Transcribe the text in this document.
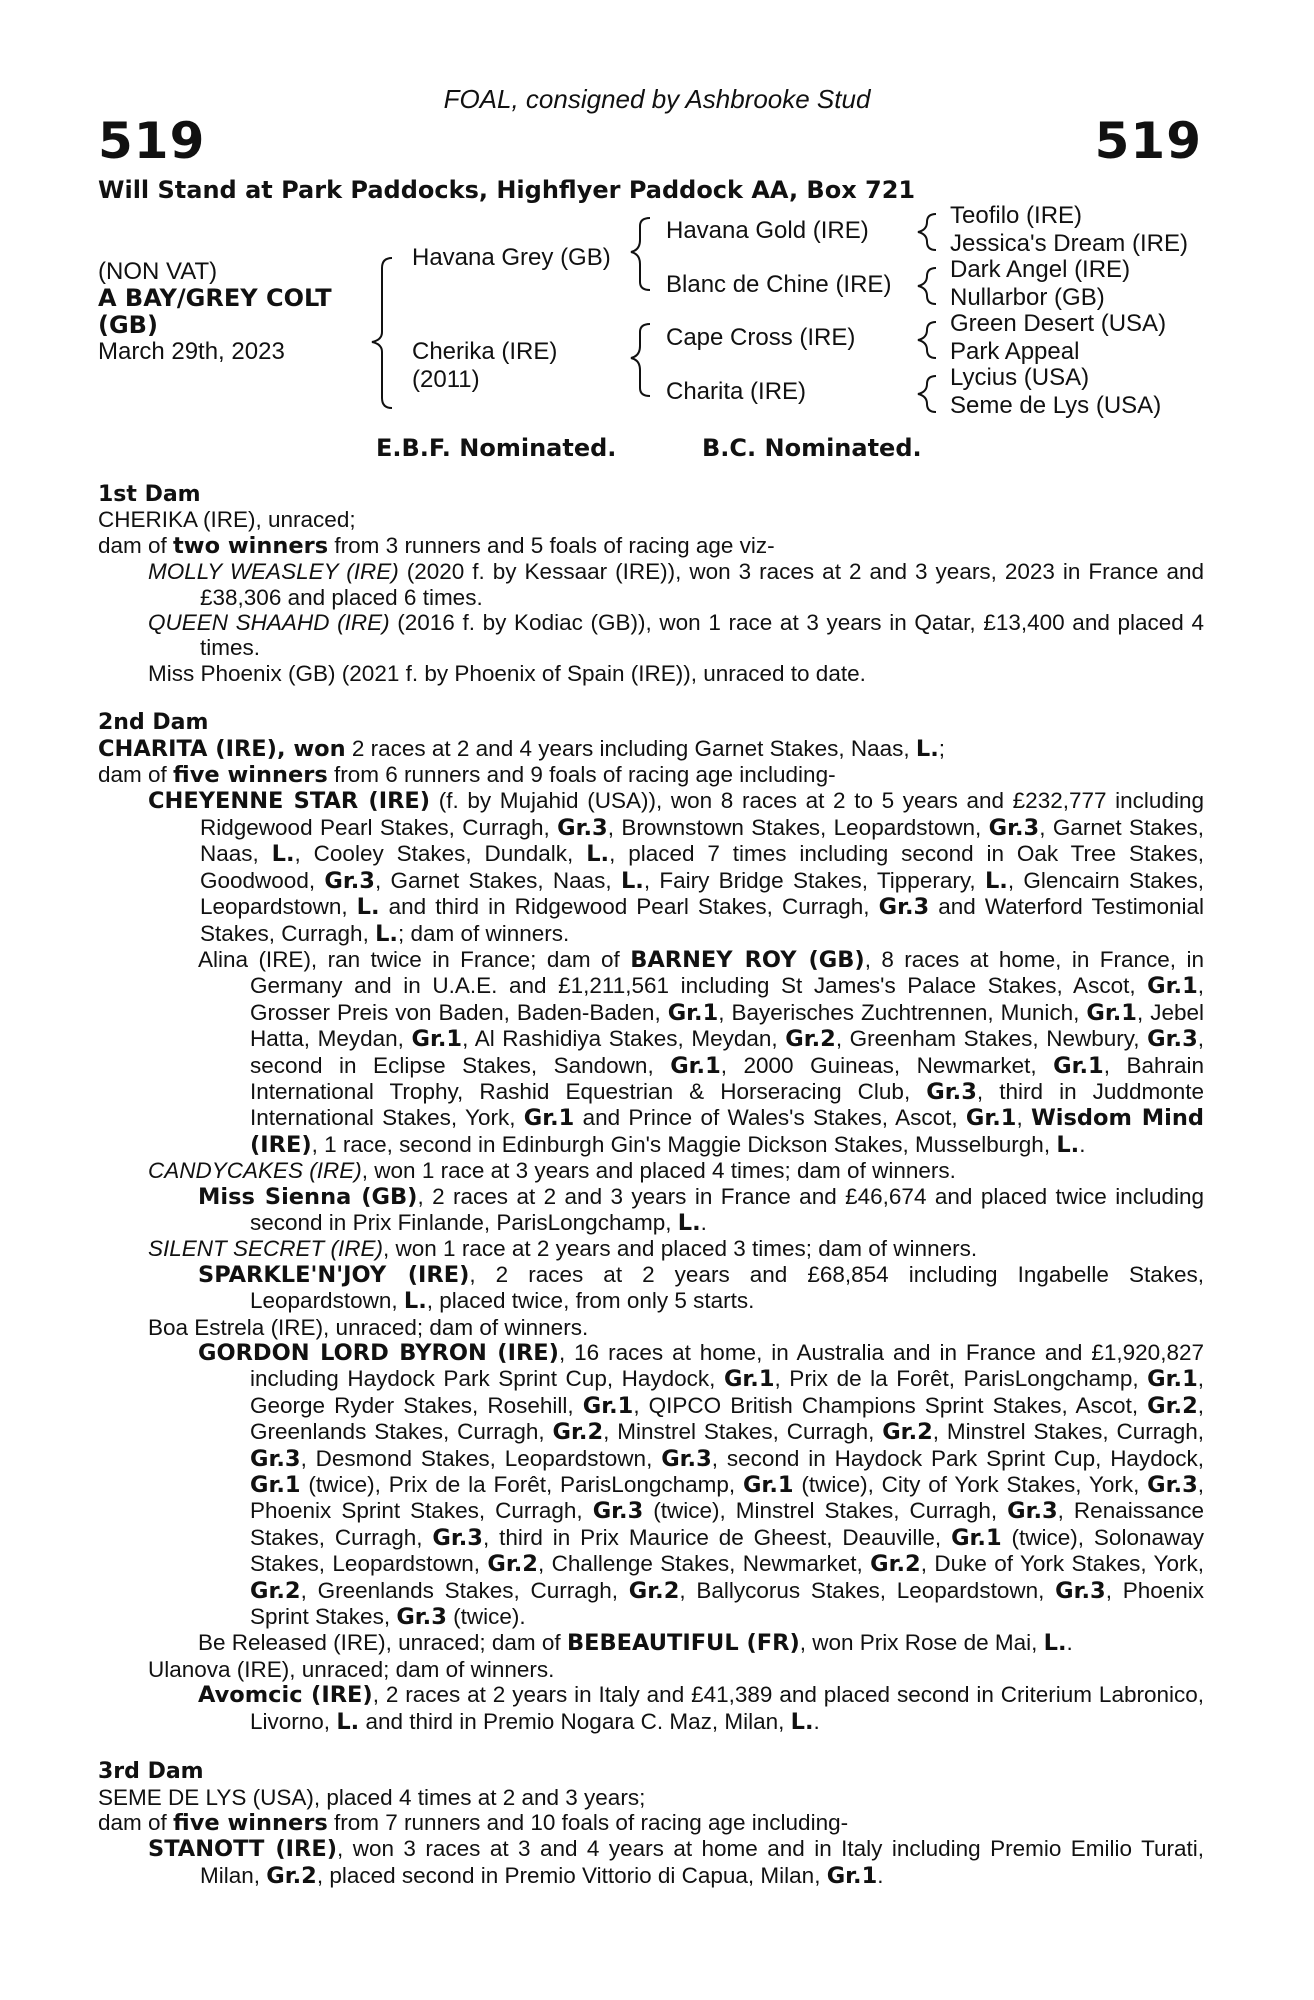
FOAL, consigned by Ashbrooke Stud
519	519
Will Stand at Park Paddocks, Highflyer Paddock AA, Box 721
(NON VAT)
A BAY/GREY COLT
(GB)
March 29th, 2023
Havana Grey (GB)
Cherika (IRE)
(2011)
Havana Gold (IRE)
Blanc de Chine (IRE)
Cape Cross (IRE)
Charita (IRE)
Teofilo (IRE)
Jessica's Dream (IRE)
Dark Angel (IRE)
Nullarbor (GB)
Green Desert (USA)
Park Appeal
Lycius (USA)
Seme de Lys (USA)
E.B.F. Nominated.	B.C. Nominated.

1st Dam

CHERIKA (IRE), unraced;

dam of two winners from 3 runners and 5 foals of racing age viz-

MOLLY WEASLEY (IRE) (2020 f. by Kessaar (IRE)), won 3 races at 2 and 3 years, 2023 in France and £38,306 and placed 6 times.

QUEEN SHAAHD (IRE) (2016 f. by Kodiac (GB)), won 1 race at 3 years in Qatar, £13,400 and placed 4 times.

Miss Phoenix (GB) (2021 f. by Phoenix of Spain (IRE)), unraced to date.

2nd Dam

CHARITA (IRE), won 2 races at 2 and 4 years including Garnet Stakes, Naas, L.;

dam of five winners from 6 runners and 9 foals of racing age including-

CHEYENNE STAR (IRE) (f. by Mujahid (USA)), won 8 races at 2 to 5 years and £232,777 including Ridgewood Pearl Stakes, Curragh, Gr.3, Brownstown Stakes, Leopardstown, Gr.3, Garnet Stakes, Naas, L., Cooley Stakes, Dundalk, L., placed 7 times including second in Oak Tree Stakes, Goodwood, Gr.3, Garnet Stakes, Naas, L., Fairy Bridge Stakes, Tipperary, L., Glencairn Stakes, Leopardstown, L. and third in Ridgewood Pearl Stakes, Curragh, Gr.3 and Waterford Testimonial Stakes, Curragh, L.; dam of winners.

Alina (IRE), ran twice in France; dam of BARNEY ROY (GB), 8 races at home, in France, in Germany and in U.A.E. and £1,211,561 including St James's Palace Stakes, Ascot, Gr.1, Grosser Preis von Baden, Baden-Baden, Gr.1, Bayerisches Zuchtrennen, Munich, Gr.1, Jebel Hatta, Meydan, Gr.1, Al Rashidiya Stakes, Meydan, Gr.2, Greenham Stakes, Newbury, Gr.3, second in Eclipse Stakes, Sandown, Gr.1, 2000 Guineas, Newmarket, Gr.1, Bahrain International Trophy, Rashid Equestrian & Horseracing Club, Gr.3, third in Juddmonte International Stakes, York, Gr.1 and Prince of Wales's Stakes, Ascot, Gr.1, Wisdom Mind (IRE), 1 race, second in Edinburgh Gin's Maggie Dickson Stakes, Musselburgh, L..

CANDYCAKES (IRE), won 1 race at 3 years and placed 4 times; dam of winners.

Miss Sienna (GB), 2 races at 2 and 3 years in France and £46,674 and placed twice including second in Prix Finlande, ParisLongchamp, L..

SILENT SECRET (IRE), won 1 race at 2 years and placed 3 times; dam of winners.

SPARKLE'N'JOY (IRE), 2 races at 2 years and £68,854 including Ingabelle Stakes, Leopardstown, L., placed twice, from only 5 starts.

Boa Estrela (IRE), unraced; dam of winners.

GORDON LORD BYRON (IRE), 16 races at home, in Australia and in France and £1,920,827 including Haydock Park Sprint Cup, Haydock, Gr.1, Prix de la Forêt, ParisLongchamp, Gr.1, George Ryder Stakes, Rosehill, Gr.1, QIPCO British Champions Sprint Stakes, Ascot, Gr.2, Greenlands Stakes, Curragh, Gr.2, Minstrel Stakes, Curragh, Gr.2, Minstrel Stakes, Curragh, Gr.3, Desmond Stakes, Leopardstown, Gr.3, second in Haydock Park Sprint Cup, Haydock, Gr.1 (twice), Prix de la Forêt, ParisLongchamp, Gr.1 (twice), City of York Stakes, York, Gr.3, Phoenix Sprint Stakes, Curragh, Gr.3 (twice), Minstrel Stakes, Curragh, Gr.3, Renaissance Stakes, Curragh, Gr.3, third in Prix Maurice de Gheest, Deauville, Gr.1 (twice), Solonaway Stakes, Leopardstown, Gr.2, Challenge Stakes, Newmarket, Gr.2, Duke of York Stakes, York, Gr.2, Greenlands Stakes, Curragh, Gr.2, Ballycorus Stakes, Leopardstown, Gr.3, Phoenix Sprint Stakes, Gr.3 (twice).

Be Released (IRE), unraced; dam of BEBEAUTIFUL (FR), won Prix Rose de Mai, L..

Ulanova (IRE), unraced; dam of winners.

Avomcic (IRE), 2 races at 2 years in Italy and £41,389 and placed second in Criterium Labronico, Livorno, L. and third in Premio Nogara C. Maz, Milan, L..

3rd Dam

SEME DE LYS (USA), placed 4 times at 2 and 3 years;

dam of five winners from 7 runners and 10 foals of racing age including-

STANOTT (IRE), won 3 races at 3 and 4 years at home and in Italy including Premio Emilio Turati, Milan, Gr.2, placed second in Premio Vittorio di Capua, Milan, Gr.1.
